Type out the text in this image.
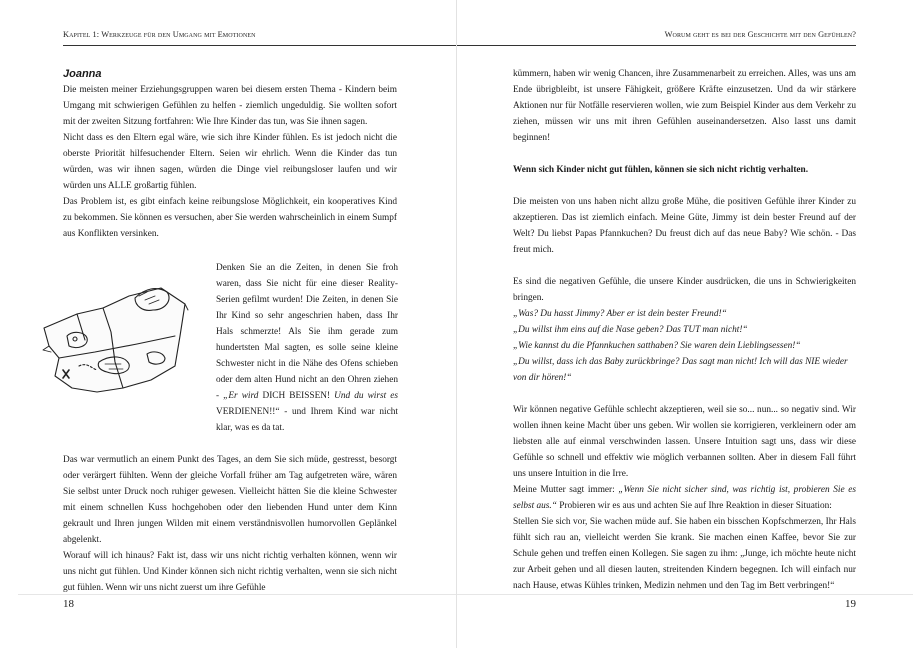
Kapitel 1: Werkzeuge für den Umgang mit Emotionen

Joanna

Die meisten meiner Erziehungsgruppen waren bei diesem ersten Thema - Kindern beim Umgang mit schwierigen Gefühlen zu helfen - ziemlich ungeduldig. Sie wollten sofort mit der zweiten Sitzung fortfahren: Wie Ihre Kinder das tun, was Sie ihnen sagen.

Nicht dass es den Eltern egal wäre, wie sich ihre Kinder fühlen. Es ist jedoch nicht die oberste Priorität hilfesuchender Eltern. Seien wir ehrlich. Wenn die Kinder das tun würden, was wir ihnen sagen, würden die Dinge viel reibungsloser laufen und wir würden uns ALLE großartig fühlen.

Das Problem ist, es gibt einfach keine reibungslose Möglichkeit, ein kooperatives Kind zu bekommen. Sie können es versuchen, aber Sie werden wahrscheinlich in einem Sumpf aus Konflikten versinken.

Denken Sie an die Zeiten, in denen Sie froh waren, dass Sie nicht für eine dieser Reality-Serien gefilmt wurden! Die Zeiten, in denen Sie Ihr Kind so sehr angeschrien haben, dass Ihr Hals schmerzte! Als Sie ihm gerade zum hundertsten Mal sagten, es solle seine kleine Schwester nicht in die Nähe des Ofens schieben oder dem alten Hund nicht an den Ohren ziehen - „Er wird DICH BEISSEN! Und du wirst es VERDIENEN!!“ - und Ihrem Kind war nicht klar, was es da tat.

Das war vermutlich an einem Punkt des Tages, an dem Sie sich müde, gestresst, besorgt oder verärgert fühlten. Wenn der gleiche Vorfall früher am Tag aufgetreten wäre, wären Sie selbst unter Druck noch ruhiger gewesen. Vielleicht hätten Sie die kleine Schwester mit einem schnellen Kuss hochgehoben oder den liebenden Hund unter dem Kinn gekrault und Ihren jungen Wilden mit einem verständnisvollen humorvollen Geplänkel abgelenkt.

Worauf will ich hinaus? Fakt ist, dass wir uns nicht richtig verhalten können, wenn wir uns nicht gut fühlen. Und Kinder können sich nicht richtig verhalten, wenn sie sich nicht gut fühlen. Wenn wir uns nicht zuerst um ihre Gefühle

18
Worum geht es bei der Geschichte mit den Gefühlen?

kümmern, haben wir wenig Chancen, ihre Zusammenarbeit zu erreichen. Alles, was uns am Ende übrigbleibt, ist unsere Fähigkeit, größere Kräfte einzusetzen. Und da wir stärkere Aktionen nur für Notfälle reservieren wollen, wie zum Beispiel Kinder aus dem Verkehr zu ziehen, müssen wir uns mit ihren Gefühlen auseinandersetzen. Also lasst uns damit beginnen!

Wenn sich Kinder nicht gut fühlen, können sie sich nicht richtig verhalten.

Die meisten von uns haben nicht allzu große Mühe, die positiven Gefühle ihrer Kinder zu akzeptieren. Das ist ziemlich einfach. Meine Güte, Jimmy ist dein bester Freund auf der Welt? Du liebst Papas Pfannkuchen? Du freust dich auf das neue Baby? Wie schön. - Das freut mich.

Es sind die negativen Gefühle, die unsere Kinder ausdrücken, die uns in Schwierigkeiten bringen.

„Was? Du hasst Jimmy? Aber er ist dein bester Freund!“
„Du willst ihm eins auf die Nase geben? Das TUT man nicht!“
„Wie kannst du die Pfannkuchen satthaben? Sie waren dein Lieblingsessen!“
„Du willst, dass ich das Baby zurückbringe? Das sagt man nicht! Ich will das NIE wieder von dir hören!“

Wir können negative Gefühle schlecht akzeptieren, weil sie so... nun... so negativ sind. Wir wollen ihnen keine Macht über uns geben. Wir wollen sie korrigieren, verkleinern oder am liebsten alle auf einmal verschwinden lassen. Unsere Intuition sagt uns, dass wir diese Gefühle so schnell und effektiv wie möglich verbannen sollten. Aber in diesem Fall führt uns unsere Intuition in die Irre.

Meine Mutter sagt immer: „Wenn Sie nicht sicher sind, was richtig ist, probieren Sie es selbst aus.“ Probieren wir es aus und achten Sie auf Ihre Reaktion in dieser Situation:

Stellen Sie sich vor, Sie wachen müde auf. Sie haben ein bisschen Kopfschmerzen, Ihr Hals fühlt sich rau an, vielleicht werden Sie krank. Sie machen einen Kaffee, bevor Sie zur Schule gehen und treffen einen Kollegen. Sie sagen zu ihm: „Junge, ich möchte heute nicht zur Arbeit gehen und all diesen lauten, streitenden Kindern begegnen. Ich will einfach nur nach Hause, etwas Kühles trinken, Medizin nehmen und den Tag im Bett verbringen!“

19
